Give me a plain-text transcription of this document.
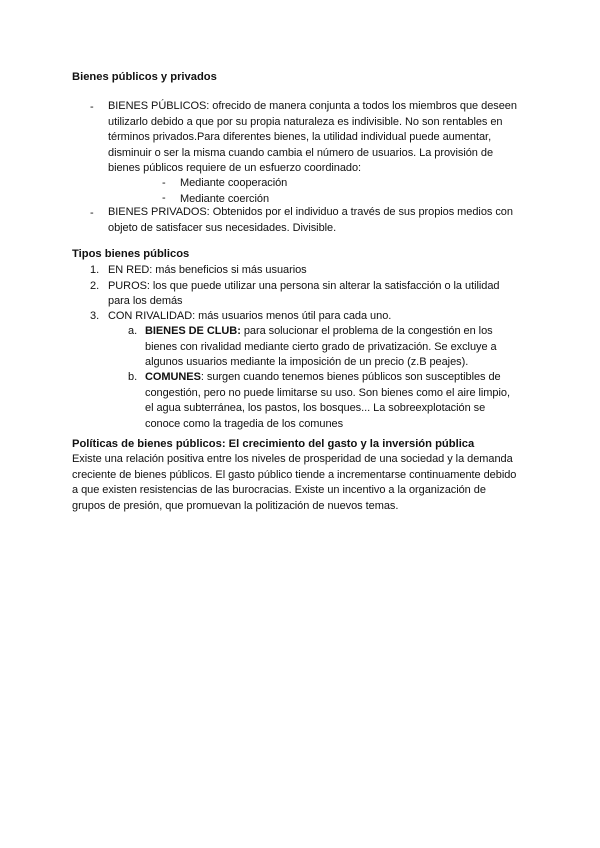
Bienes públicos y privados
- BIENES PÚBLICOS: ofrecido de manera conjunta a todos los miembros que deseen
utilizarlo debido a que por su propia naturaleza es indivisible. No son rentables en
términos privados.Para diferentes bienes, la utilidad individual puede aumentar,
disminuir o ser la misma cuando cambia el número de usuarios. La provisión de
bienes públicos requiere de un esfuerzo coordinado:
- Mediante cooperación
- Mediante coerción
- BIENES PRIVADOS: Obtenidos por el individuo a través de sus propios medios con
objeto de satisfacer sus necesidades. Divisible.
Tipos bienes públicos
1. EN RED: más beneficios si más usuarios
2. PUROS: los que puede utilizar una persona sin alterar la satisfacción o la utilidad
para los demás
3. CON RIVALIDAD: más usuarios menos útil para cada uno.
a. BIENES DE CLUB: para solucionar el problema de la congestión en los
bienes con rivalidad mediante cierto grado de privatización. Se excluye a
algunos usuarios mediante la imposición de un precio (z.B peajes).
b. COMUNES: surgen cuando tenemos bienes públicos son susceptibles de
congestión, pero no puede limitarse su uso. Son bienes como el aire limpio,
el agua subterránea, los pastos, los bosques... La sobreexplotación se
conoce como la tragedia de los comunes
Políticas de bienes públicos: El crecimiento del gasto y la inversión pública
Existe una relación positiva entre los niveles de prosperidad de una sociedad y la demanda
creciente de bienes públicos. El gasto público tiende a incrementarse continuamente debido
a que existen resistencias de las burocracias. Existe un incentivo a la organización de
grupos de presión, que promuevan la politización de nuevos temas.
